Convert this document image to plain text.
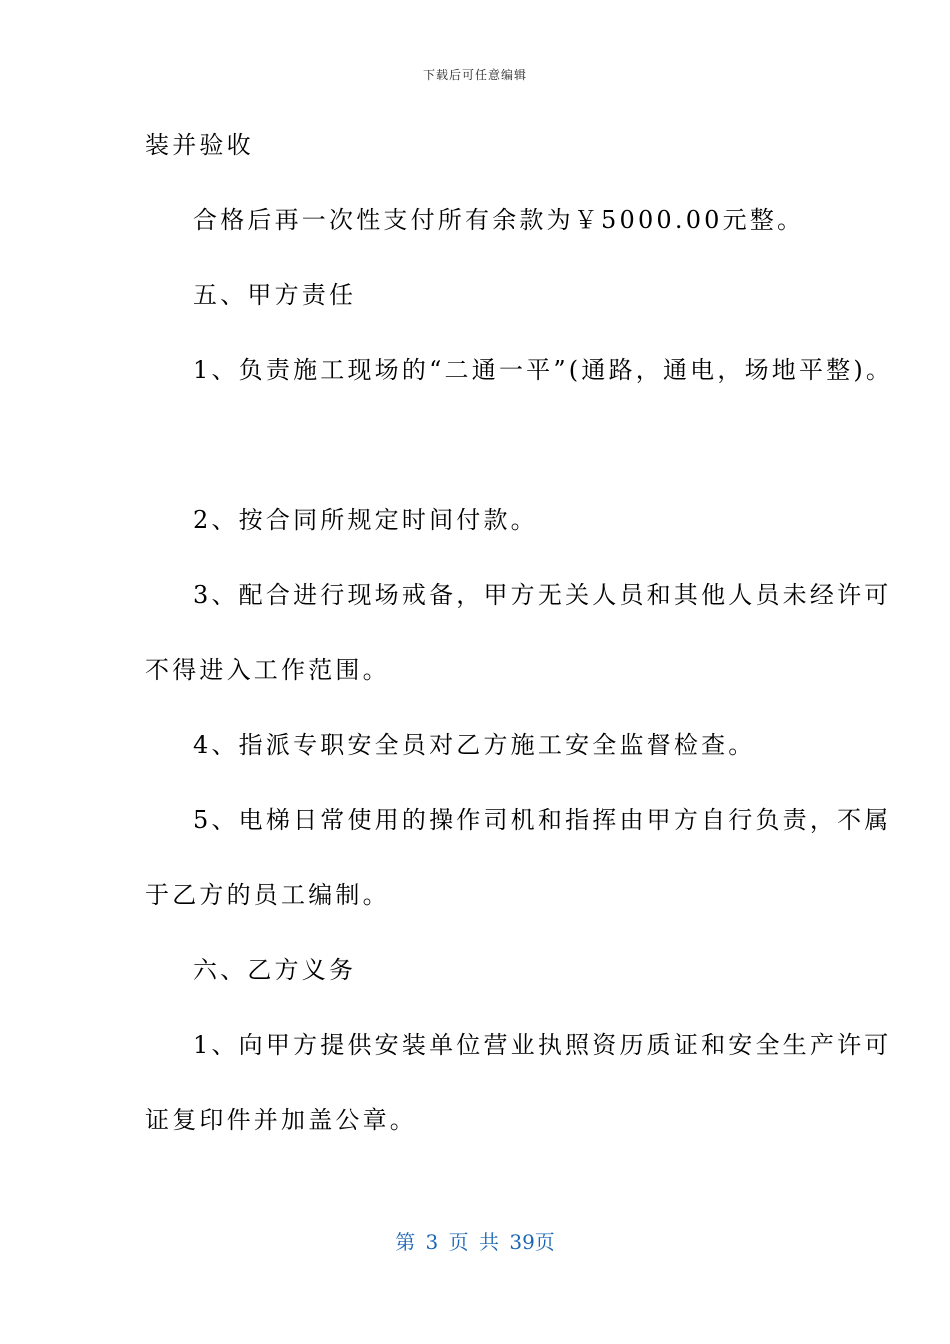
下载后可任意编辑
装并验收
合格后再一次性支付所有余款为￥5000.00元整。
五、甲方责任
1、负责施工现场的“二通一平”(通路，通电，场地平整)。
2、按合同所规定时间付款。
3、配合进行现场戒备，甲方无关人员和其他人员未经许可
不得进入工作范围。
4、指派专职安全员对乙方施工安全监督检查。
5、电梯日常使用的操作司机和指挥由甲方自行负责，不属
于乙方的员工编制。
六、乙方义务
1、向甲方提供安装单位营业执照资历质证和安全生产许可
证复印件并加盖公章。
第 3 页 共 39页
